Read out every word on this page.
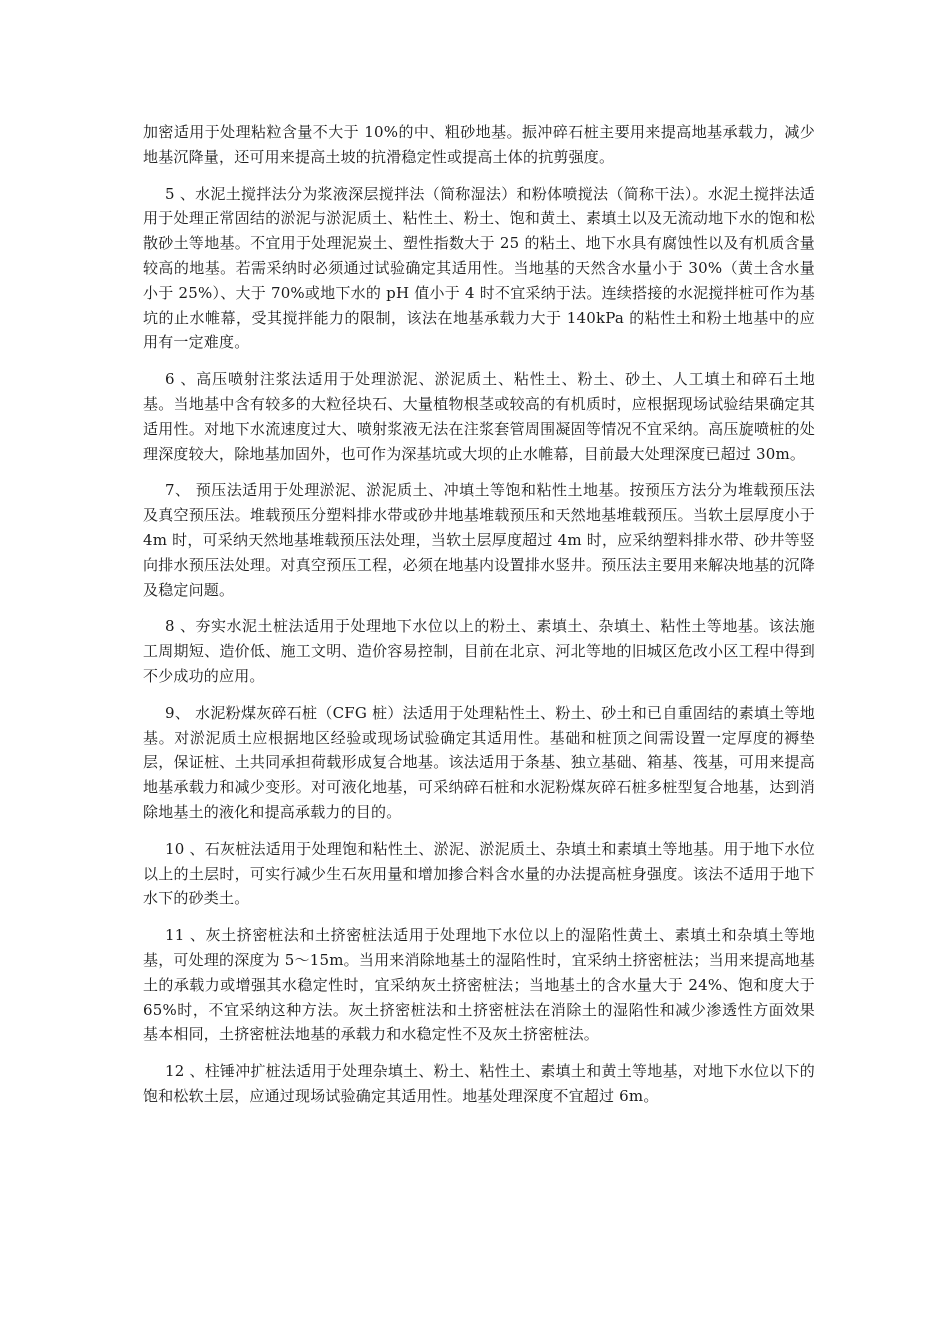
加密适用于处理粘粒含量不大于 10%的中、粗砂地基。振冲碎石桩主要用来提高地基承载力，减少地基沉降量，还可用来提高土坡的抗滑稳定性或提高土体的抗剪强度。

5 、水泥土搅拌法分为浆液深层搅拌法（简称湿法）和粉体喷搅法（简称干法）。水泥土搅拌法适用于处理正常固结的淤泥与淤泥质土、粘性土、粉土、饱和黄土、素填土以及无流动地下水的饱和松散砂土等地基。不宜用于处理泥炭土、塑性指数大于 25 的粘土、地下水具有腐蚀性以及有机质含量较高的地基。若需采纳时必须通过试验确定其适用性。当地基的天然含水量小于 30%（黄土含水量小于 25%）、大于 70%或地下水的 pH 值小于 4 时不宜采纳于法。连续搭接的水泥搅拌桩可作为基坑的止水帷幕，受其搅拌能力的限制，该法在地基承载力大于 140kPa 的粘性土和粉土地基中的应用有一定难度。

6 、高压喷射注浆法适用于处理淤泥、淤泥质土、粘性土、粉土、砂土、人工填土和碎石土地基。当地基中含有较多的大粒径块石、大量植物根茎或较高的有机质时，应根据现场试验结果确定其适用性。对地下水流速度过大、喷射浆液无法在注浆套管周围凝固等情况不宜采纳。高压旋喷桩的处理深度较大，除地基加固外，也可作为深基坑或大坝的止水帷幕，目前最大处理深度已超过 30m。

7、 预压法适用于处理淤泥、淤泥质土、冲填土等饱和粘性土地基。按预压方法分为堆载预压法及真空预压法。堆载预压分塑料排水带或砂井地基堆载预压和天然地基堆载预压。当软土层厚度小于 4m 时，可采纳天然地基堆载预压法处理，当软土层厚度超过 4m 时，应采纳塑料排水带、砂井等竖向排水预压法处理。对真空预压工程，必须在地基内设置排水竖井。预压法主要用来解决地基的沉降及稳定问题。

8 、夯实水泥土桩法适用于处理地下水位以上的粉土、素填土、杂填土、粘性土等地基。该法施工周期短、造价低、施工文明、造价容易控制，目前在北京、河北等地的旧城区危改小区工程中得到不少成功的应用。

9、 水泥粉煤灰碎石桩（CFG 桩）法适用于处理粘性土、粉土、砂土和已自重固结的素填土等地基。对淤泥质土应根据地区经验或现场试验确定其适用性。基础和桩顶之间需设置一定厚度的褥垫层，保证桩、土共同承担荷载形成复合地基。该法适用于条基、独立基础、箱基、筏基，可用来提高地基承载力和减少变形。对可液化地基，可采纳碎石桩和水泥粉煤灰碎石桩多桩型复合地基，达到消除地基土的液化和提高承载力的目的。

10 、石灰桩法适用于处理饱和粘性土、淤泥、淤泥质土、杂填土和素填土等地基。用于地下水位以上的土层时，可实行减少生石灰用量和增加掺合料含水量的办法提高桩身强度。该法不适用于地下水下的砂类土。

11 、灰土挤密桩法和土挤密桩法适用于处理地下水位以上的湿陷性黄土、素填土和杂填土等地基，可处理的深度为 5～15m。当用来消除地基土的湿陷性时，宜采纳土挤密桩法；当用来提高地基土的承载力或增强其水稳定性时，宜采纳灰土挤密桩法；当地基土的含水量大于 24%、饱和度大于 65%时，不宜采纳这种方法。灰土挤密桩法和土挤密桩法在消除土的湿陷性和减少渗透性方面效果基本相同，土挤密桩法地基的承载力和水稳定性不及灰土挤密桩法。

12 、柱锤冲扩桩法适用于处理杂填土、粉土、粘性土、素填土和黄土等地基，对地下水位以下的饱和松软土层，应通过现场试验确定其适用性。地基处理深度不宜超过 6m。
